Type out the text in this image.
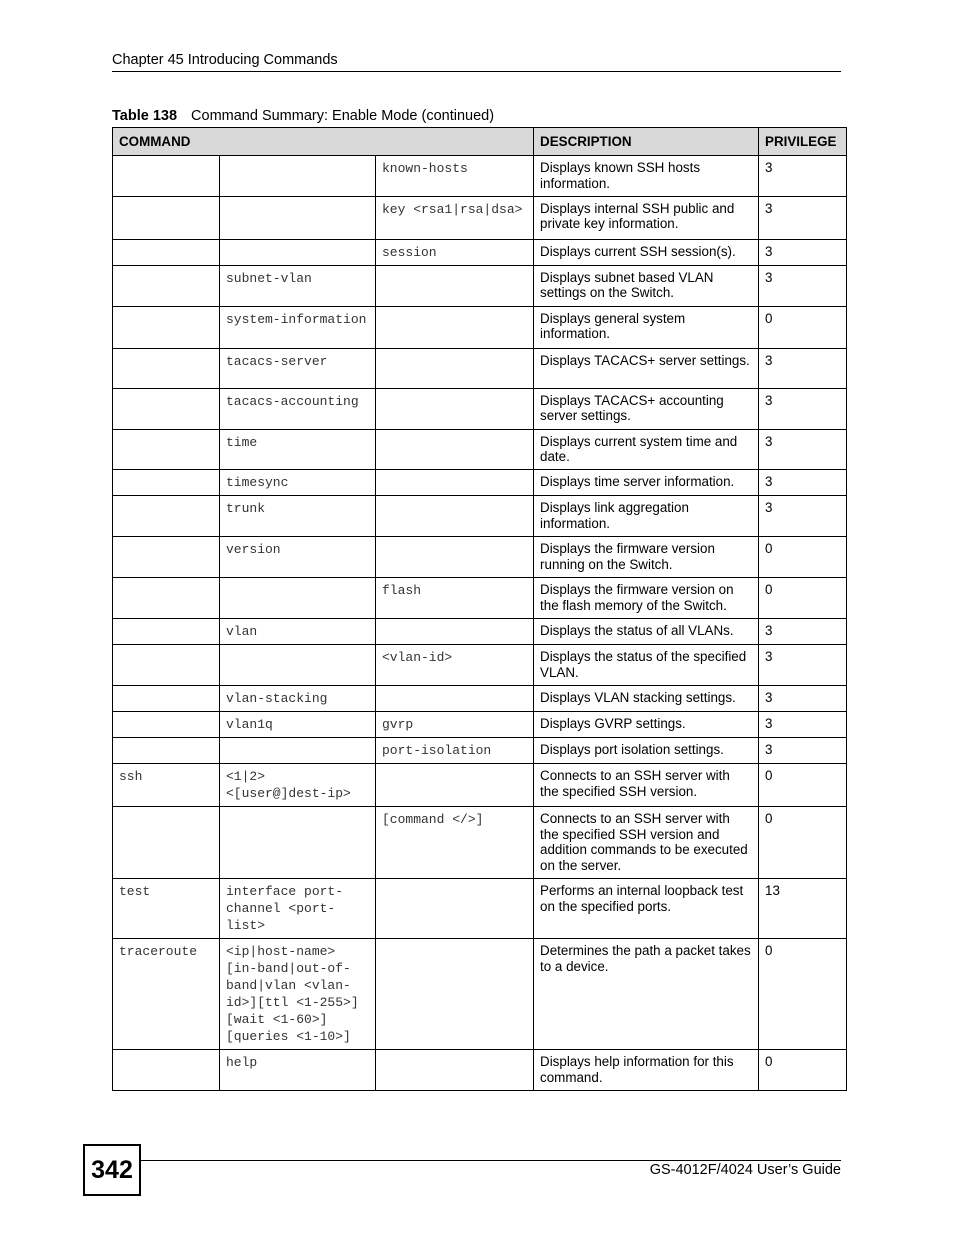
Chapter 45 Introducing Commands
Table 138 Command Summary: Enable Mode (continued)
COMMAND			DESCRIPTION	PRIVILEGE
		known-hosts	Displays known SSH hosts information.	3
		key <rsa1|rsa|dsa>	Displays internal SSH public and private key information.	3
		session	Displays current SSH session(s).	3
	subnet-vlan		Displays subnet based VLAN settings on the Switch.	3
	system-information		Displays general system information.	0
	tacacs-server		Displays TACACS+ server settings.	3
	tacacs-accounting		Displays TACACS+ accounting server settings.	3
	time		Displays current system time and date.	3
	timesync		Displays time server information.	3
	trunk		Displays link aggregation information.	3
	version		Displays the firmware version running on the Switch.	0
		flash	Displays the firmware version on the flash memory of the Switch.	0
	vlan		Displays the status of all VLANs.	3
		<vlan-id>	Displays the status of the specified VLAN.	3
	vlan-stacking		Displays VLAN stacking settings.	3
	vlan1q	gvrp	Displays GVRP settings.	3
		port-isolation	Displays port isolation settings.	3
ssh	<1|2> <[user@]dest-ip>		Connects to an SSH server with the specified SSH version.	0
		[command </>]	Connects to an SSH server with the specified SSH version and addition commands to be executed on the server.	0
test	interface port-channel <port-list>		Performs an internal loopback test on the specified ports.	13
traceroute	<ip|host-name> [in-band|out-of-band|vlan <vlan-id>][ttl <1-255>] [wait <1-60>] [queries <1-10>]		Determines the path a packet takes to a device.	0
	help		Displays help information for this command.	0
342	GS-4012F/4024 User’s Guide
